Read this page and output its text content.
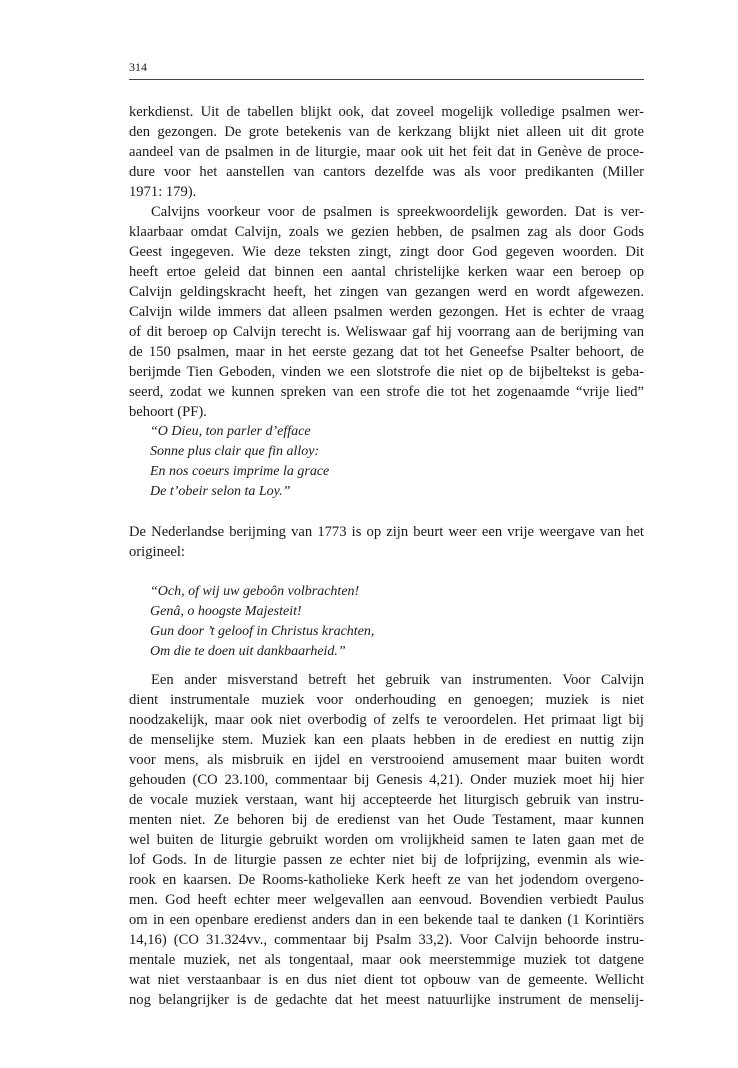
314
kerkdienst. Uit de tabellen blijkt ook, dat zoveel mogelijk volledige psalmen wer-
den gezongen. De grote betekenis van de kerkzang blijkt niet alleen uit dit grote
aandeel van de psalmen in de liturgie, maar ook uit het feit dat in Genève de proce-
dure voor het aanstellen van cantors dezelfde was als voor predikanten (Miller
1971: 179).
Calvijns voorkeur voor de psalmen is spreekwoordelijk geworden. Dat is ver-
klaarbaar omdat Calvijn, zoals we gezien hebben, de psalmen zag als door Gods
Geest ingegeven. Wie deze teksten zingt, zingt door God gegeven woorden. Dit
heeft ertoe geleid dat binnen een aantal christelijke kerken waar een beroep op
Calvijn geldingskracht heeft, het zingen van gezangen werd en wordt afgewezen.
Calvijn wilde immers dat alleen psalmen werden gezongen. Het is echter de vraag
of dit beroep op Calvijn terecht is. Weliswaar gaf hij voorrang aan de berijming van
de 150 psalmen, maar in het eerste gezang dat tot het Geneefse Psalter behoort, de
berijmde Tien Geboden, vinden we een slotstrofe die niet op de bijbeltekst is geba-
seerd, zodat we kunnen spreken van een strofe die tot het zogenaamde “vrije lied”
behoort (PF).
“O Dieu, ton parler d’efface
Sonne plus clair que fin alloy:
En nos coeurs imprime la grace
De t’obeir selon ta Loy.”
De Nederlandse berijming van 1773 is op zijn beurt weer een vrije weergave van het
origineel:
“Och, of wij uw geboôn volbrachten!
Genâ, o hoogste Majesteit!
Gun door ’t geloof in Christus krachten,
Om die te doen uit dankbaarheid.”
Een ander misverstand betreft het gebruik van instrumenten. Voor Calvijn
dient instrumentale muziek voor onderhouding en genoegen; muziek is niet
noodzakelijk, maar ook niet overbodig of zelfs te veroordelen. Het primaat ligt bij
de menselijke stem. Muziek kan een plaats hebben in de erediest en nuttig zijn
voor mens, als misbruik en ijdel en verstrooiend amusement maar buiten wordt
gehouden (CO 23.100, commentaar bij Genesis 4,21). Onder muziek moet hij hier
de vocale muziek verstaan, want hij accepteerde het liturgisch gebruik van instru-
menten niet. Ze behoren bij de eredienst van het Oude Testament, maar kunnen
wel buiten de liturgie gebruikt worden om vrolijkheid samen te laten gaan met de
lof Gods. In de liturgie passen ze echter niet bij de lofprijzing, evenmin als wie-
rook en kaarsen. De Rooms-katholieke Kerk heeft ze van het jodendom overgeno-
men. God heeft echter meer welgevallen aan eenvoud. Bovendien verbiedt Paulus
om in een openbare eredienst anders dan in een bekende taal te danken (1 Korintiërs
14,16) (CO 31.324vv., commentaar bij Psalm 33,2). Voor Calvijn behoorde instru-
mentale muziek, net als tongentaal, maar ook meerstemmige muziek tot datgene
wat niet verstaanbaar is en dus niet dient tot opbouw van de gemeente. Wellicht
nog belangrijker is de gedachte dat het meest natuurlijke instrument de menselij-
